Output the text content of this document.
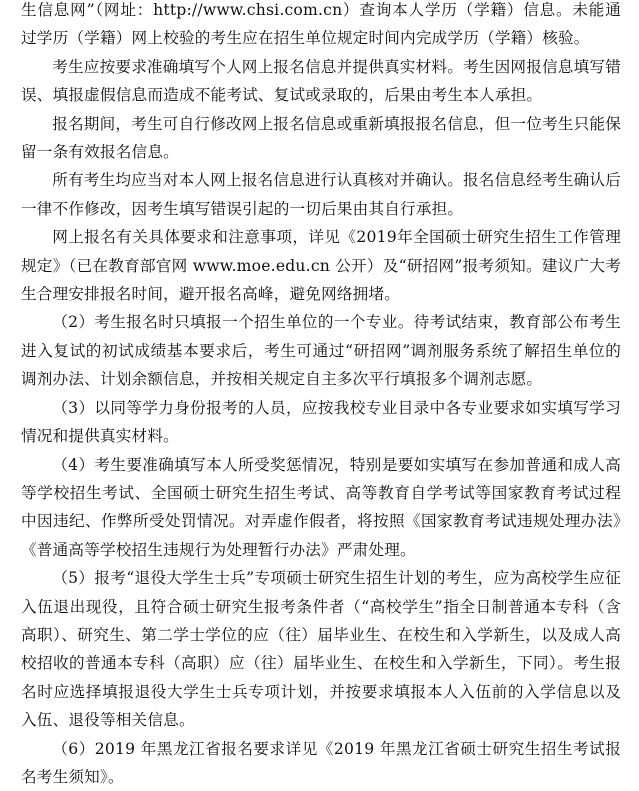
生信息网”（网址：http://www.chsi.com.cn）查询本人学历（学籍）信息。未能通过学历（学籍）网上校验的考生应在招生单位规定时间内完成学历（学籍）核验。

考生应按要求准确填写个人网上报名信息并提供真实材料。考生因网报信息填写错误、填报虚假信息而造成不能考试、复试或录取的，后果由考生本人承担。

报名期间，考生可自行修改网上报名信息或重新填报报名信息，但一位考生只能保留一条有效报名信息。

所有考生均应当对本人网上报名信息进行认真核对并确认。报名信息经考生确认后一律不作修改，因考生填写错误引起的一切后果由其自行承担。

网上报名有关具体要求和注意事项，详见《2019年全国硕士研究生招生工作管理规定》（已在教育部官网 www.moe.edu.cn 公开）及“研招网”报考须知。建议广大考生合理安排报名时间，避开报名高峰，避免网络拥堵。

（2）考生报名时只填报一个招生单位的一个专业。待考试结束，教育部公布考生进入复试的初试成绩基本要求后，考生可通过“研招网”调剂服务系统了解招生单位的调剂办法、计划余额信息，并按相关规定自主多次平行填报多个调剂志愿。

（3）以同等学力身份报考的人员，应按我校专业目录中各专业要求如实填写学习情况和提供真实材料。

（4）考生要准确填写本人所受奖惩情况，特别是要如实填写在参加普通和成人高等学校招生考试、全国硕士研究生招生考试、高等教育自学考试等国家教育考试过程中因违纪、作弊所受处罚情况。对弄虚作假者，将按照《国家教育考试违规处理办法》《普通高等学校招生违规行为处理暂行办法》严肃处理。

（5）报考“退役大学生士兵”专项硕士研究生招生计划的考生，应为高校学生应征入伍退出现役，且符合硕士研究生报考条件者（“高校学生”指全日制普通本专科（含高职）、研究生、第二学士学位的应（往）届毕业生、在校生和入学新生，以及成人高校招收的普通本专科（高职）应（往）届毕业生、在校生和入学新生，下同）。考生报名时应选择填报退役大学生士兵专项计划，并按要求填报本人入伍前的入学信息以及入伍、退役等相关信息。

（6）2019 年黑龙江省报名要求详见《2019 年黑龙江省硕士研究生招生考试报名考生须知》。
